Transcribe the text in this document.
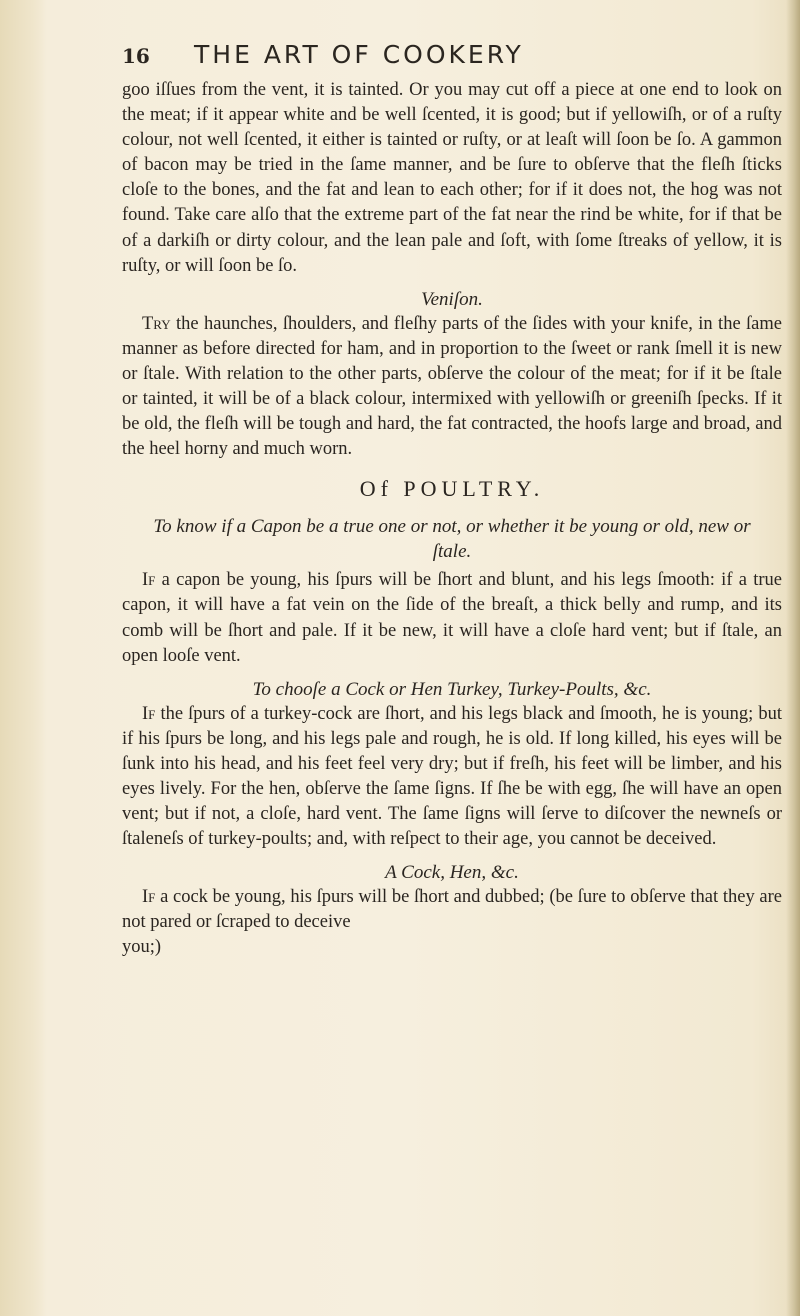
16	THE ART OF COOKERY

goo iſſues from the vent, it is tainted. Or you may cut off a piece at one end to look on the meat; if it appear white and be well ſcented, it is good; but if yellowiſh, or of a ruſty colour, not well ſcented, it either is tainted or ruſty, or at leaſt will ſoon be ſo. A gammon of bacon may be tried in the ſame manner, and be ſure to obſerve that the fleſh ſticks cloſe to the bones, and the fat and lean to each other; for if it does not, the hog was not found. Take care alſo that the extreme part of the fat near the rind be white, for if that be of a darkiſh or dirty colour, and the lean pale and ſoft, with ſome ſtreaks of yellow, it is ruſty, or will ſoon be ſo.

Veniſon.

Try the haunches, ſhoulders, and fleſhy parts of the ſides with your knife, in the ſame manner as before directed for ham, and in proportion to the ſweet or rank ſmell it is new or ſtale. With relation to the other parts, obſerve the colour of the meat; for if it be ſtale or tainted, it will be of a black colour, intermixed with yellowiſh or greeniſh ſpecks. If it be old, the fleſh will be tough and hard, the fat contracted, the hoofs large and broad, and the heel horny and much worn.

Of POULTRY.
To know if a Capon be a true one or not, or whether it be young or old, new or ſtale.

If a capon be young, his ſpurs will be ſhort and blunt, and his legs ſmooth: if a true capon, it will have a fat vein on the ſide of the breaſt, a thick belly and rump, and its comb will be ſhort and pale. If it be new, it will have a cloſe hard vent; but if ſtale, an open looſe vent.

To chooſe a Cock or Hen Turkey, Turkey-Poults, &c.

If the ſpurs of a turkey-cock are ſhort, and his legs black and ſmooth, he is young; but if his ſpurs be long, and his legs pale and rough, he is old. If long killed, his eyes will be ſunk into his head, and his feet feel very dry; but if freſh, his feet will be limber, and his eyes lively. For the hen, obſerve the ſame ſigns. If ſhe be with egg, ſhe will have an open vent; but if not, a cloſe, hard vent. The ſame ſigns will ſerve to diſcover the newneſs or ſtaleneſs of turkey-poults; and, with reſpect to their age, you cannot be deceived.

A Cock, Hen, &c.

If a cock be young, his ſpurs will be ſhort and dubbed; (be ſure to obſerve that they are not pared or ſcraped to deceive

you;)
